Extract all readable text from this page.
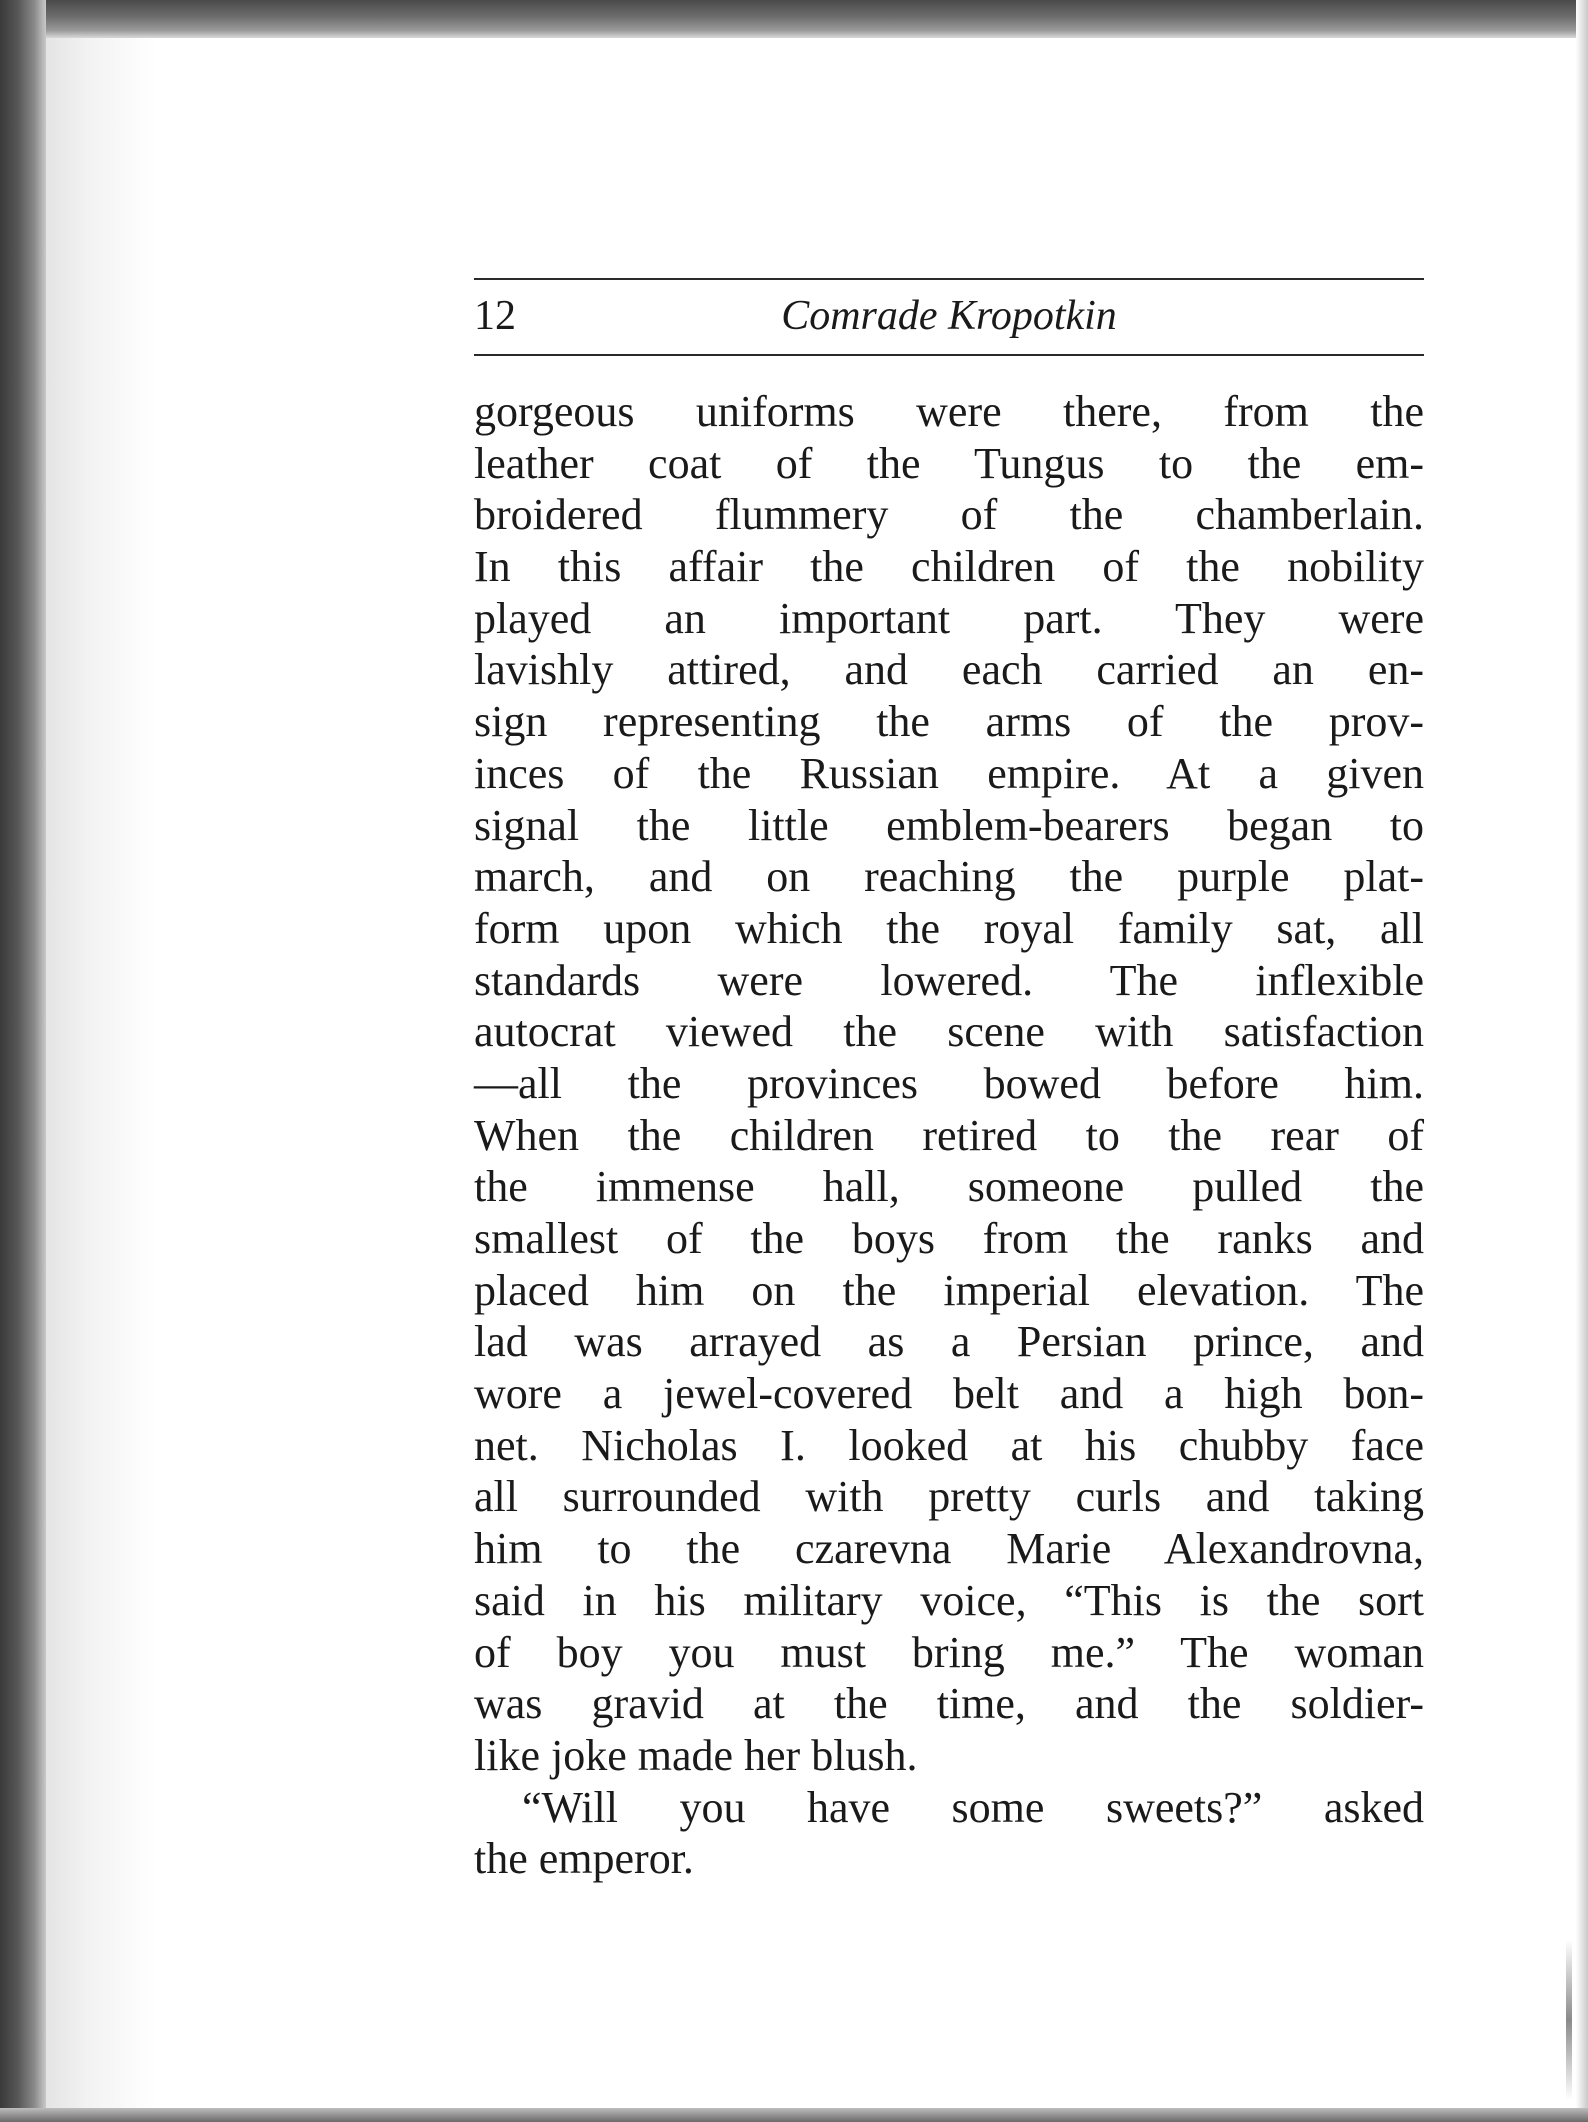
Comrade Kropotkin
12
gorgeous uniforms were there, from the
leather coat of the Tungus to the em-
broidered flummery of the chamberlain.
In this affair the children of the nobility
played an important part. They were
lavishly attired, and each carried an en-
sign representing the arms of the prov-
inces of the Russian empire. At a given
signal the little emblem-bearers began to
march, and on reaching the purple plat-
form upon which the royal family sat, all
standards were lowered. The inflexible
autocrat viewed the scene with satisfaction
—all the provinces bowed before him.
When the children retired to the rear of
the immense hall, someone pulled the
smallest of the boys from the ranks and
placed him on the imperial elevation. The
lad was arrayed as a Persian prince, and
wore a jewel-covered belt and a high bon-
net. Nicholas I. looked at his chubby face
all surrounded with pretty curls and taking
him to the czarevna Marie Alexandrovna,
said in his military voice, “This is the sort
of boy you must bring me.” The woman
was gravid at the time, and the soldier-
like joke made her blush.
“Will you have some sweets?” asked
the emperor.
